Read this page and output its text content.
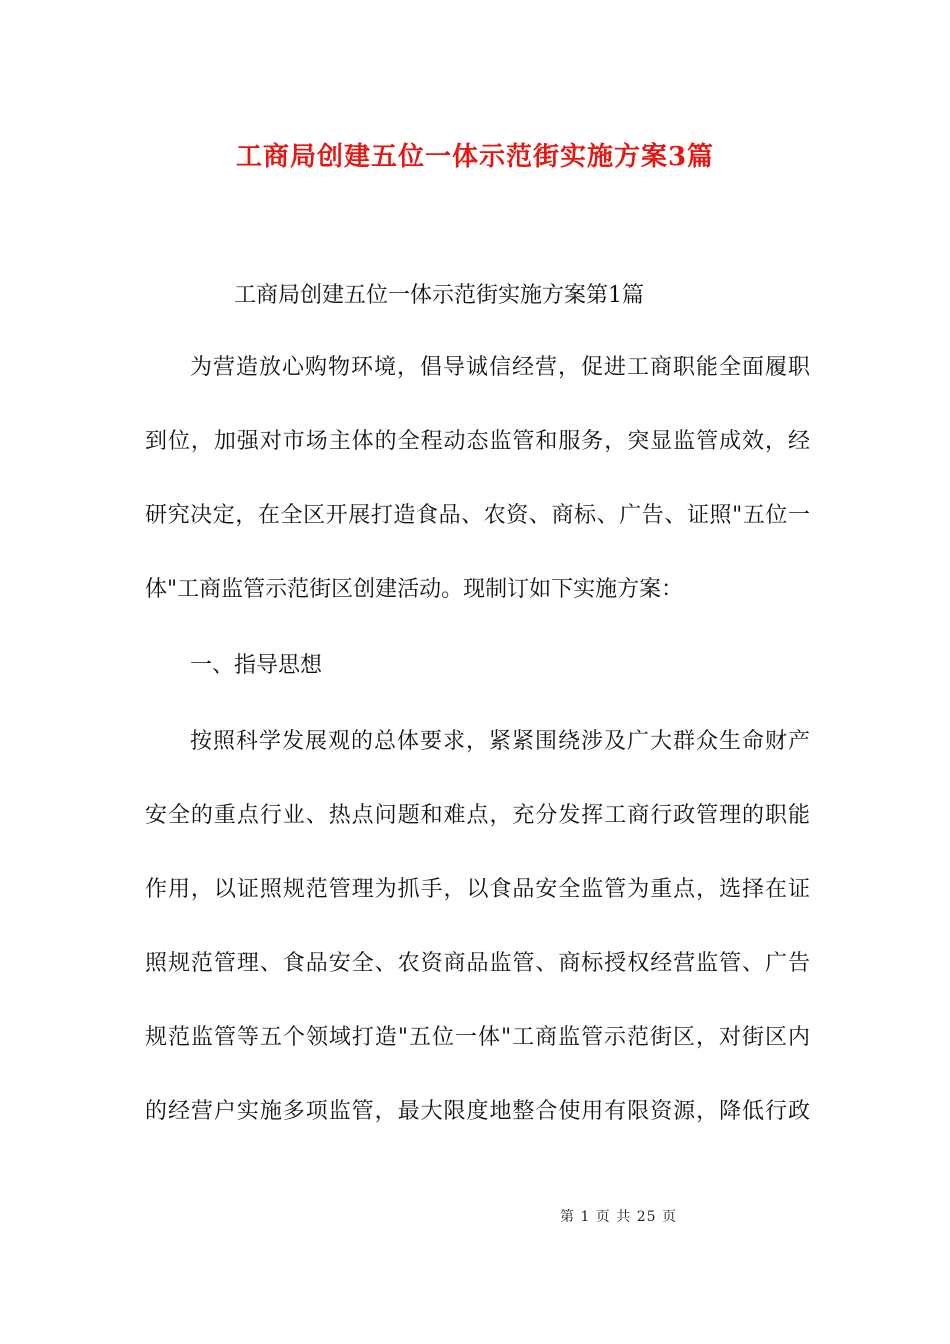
工商局创建五位一体示范街实施方案3篇
工商局创建五位一体示范街实施方案第1篇
为营造放心购物环境，倡导诚信经营，促进工商职能全面履职
到位，加强对市场主体的全程动态监管和服务，突显监管成效，经
研究决定，在全区开展打造食品、农资、商标、广告、证照"五位一
体"工商监管示范街区创建活动。现制订如下实施方案：
一、指导思想
按照科学发展观的总体要求，紧紧围绕涉及广大群众生命财产
安全的重点行业、热点问题和难点，充分发挥工商行政管理的职能
作用，以证照规范管理为抓手，以食品安全监管为重点，选择在证
照规范管理、食品安全、农资商品监管、商标授权经营监管、广告
规范监管等五个领域打造"五位一体"工商监管示范街区，对街区内
的经营户实施多项监管，最大限度地整合使用有限资源，降低行政
第 1 页 共 25 页
